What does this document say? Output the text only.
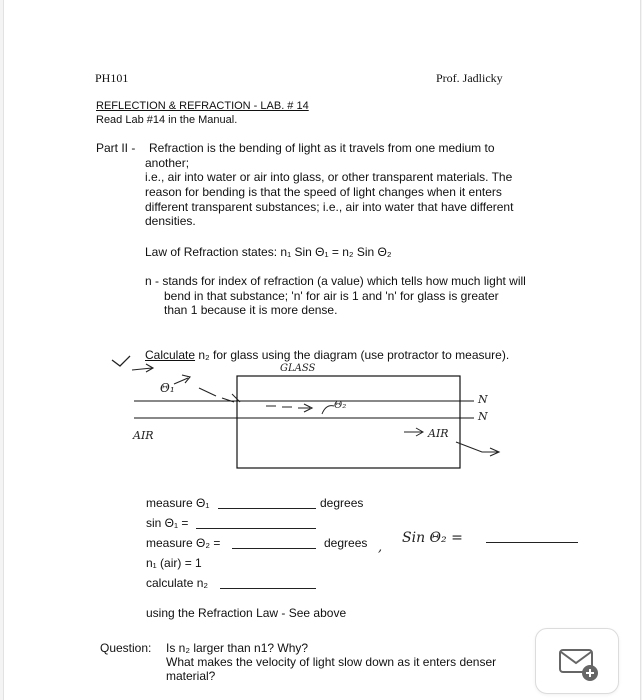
PH101	Prof. Jadlicky
REFLECTION & REFRACTION - LAB. # 14
Read Lab #14 in the Manual.
Part II - Refraction is the bending of light as it travels from one medium to
another;
i.e., air into water or air into glass, or other transparent materials. The
reason for bending is that the speed of light changes when it enters
different transparent substances; i.e., air into water that have different
densities.
Law of Refraction states: n₁ Sin Θ₁ = n₂ Sin Θ₂
n - stands for index of refraction (a value) which tells how much light will
bend in that substance; 'n' for air is 1 and 'n' for glass is greater
than 1 because it is more dense.
Calculate n₂ for glass using the diagram (use protractor to measure).
GLASS
Θ₁
Θ₂
AIR	AIR
N
N
measure Θ₁	degrees
sin Θ₁ =
measure Θ₂ =	degrees ,
Sin Θ₂ =
n₁ (air) = 1
calculate n₂
using the Refraction Law - See above
Question: Is n₂ larger than n1? Why?
What makes the velocity of light slow down as it enters denser
material?
